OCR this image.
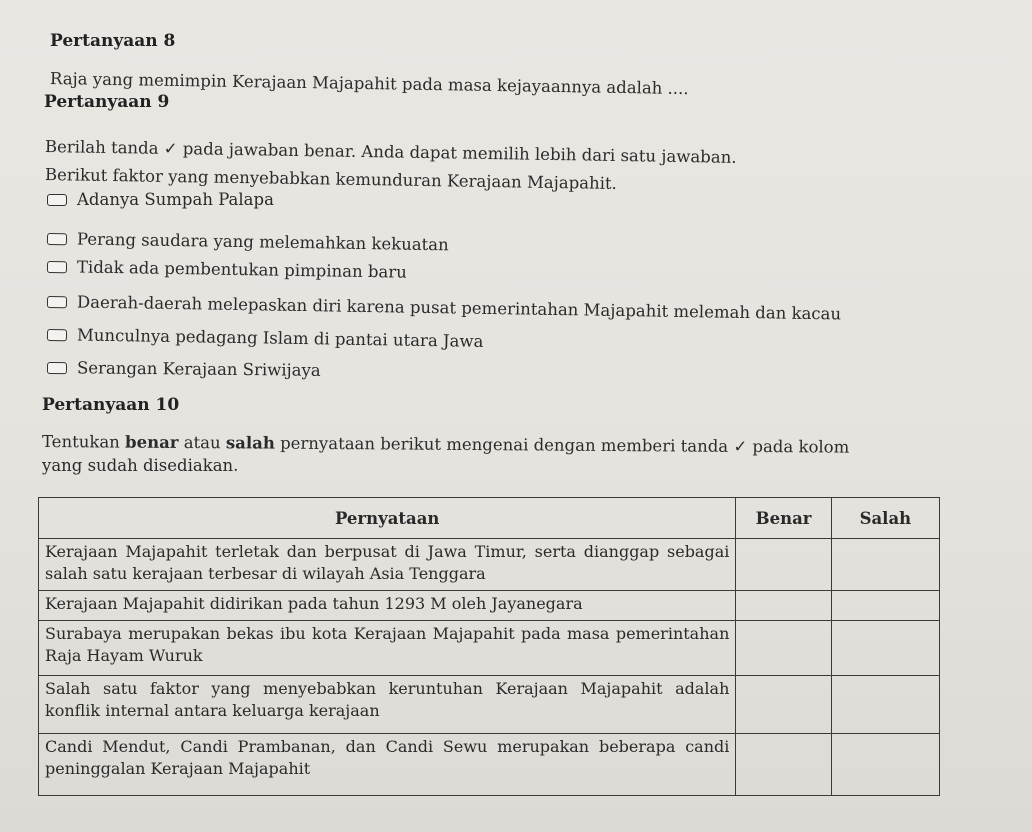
Pertanyaan 8
Raja yang memimpin Kerajaan Majapahit pada masa kejayaannya adalah ....
Pertanyaan 9
Berilah tanda ✓ pada jawaban benar. Anda dapat memilih lebih dari satu jawaban.
Berikut faktor yang menyebabkan kemunduran Kerajaan Majapahit.
Adanya Sumpah Palapa
Perang saudara yang melemahkan kekuatan
Tidak ada pembentukan pimpinan baru
Daerah-daerah melepaskan diri karena pusat pemerintahan Majapahit melemah dan kacau
Munculnya pedagang Islam di pantai utara Jawa
Serangan Kerajaan Sriwijaya
Pertanyaan 10
Tentukan benar atau salah pernyataan berikut mengenai dengan memberi tanda ✓ pada kolom
yang sudah disediakan.
Pernyataan	Benar	Salah
Kerajaan Majapahit terletak dan berpusat di Jawa Timur, serta dianggap sebagai salah satu kerajaan terbesar di wilayah Asia Tenggara		
Kerajaan Majapahit didirikan pada tahun 1293 M oleh Jayanegara		
Surabaya merupakan bekas ibu kota Kerajaan Majapahit pada masa pemerintahan Raja Hayam Wuruk		
Salah satu faktor yang menyebabkan keruntuhan Kerajaan Majapahit adalah konflik internal antara keluarga kerajaan		
Candi Mendut, Candi Prambanan, dan Candi Sewu merupakan beberapa candi peninggalan Kerajaan Majapahit		
